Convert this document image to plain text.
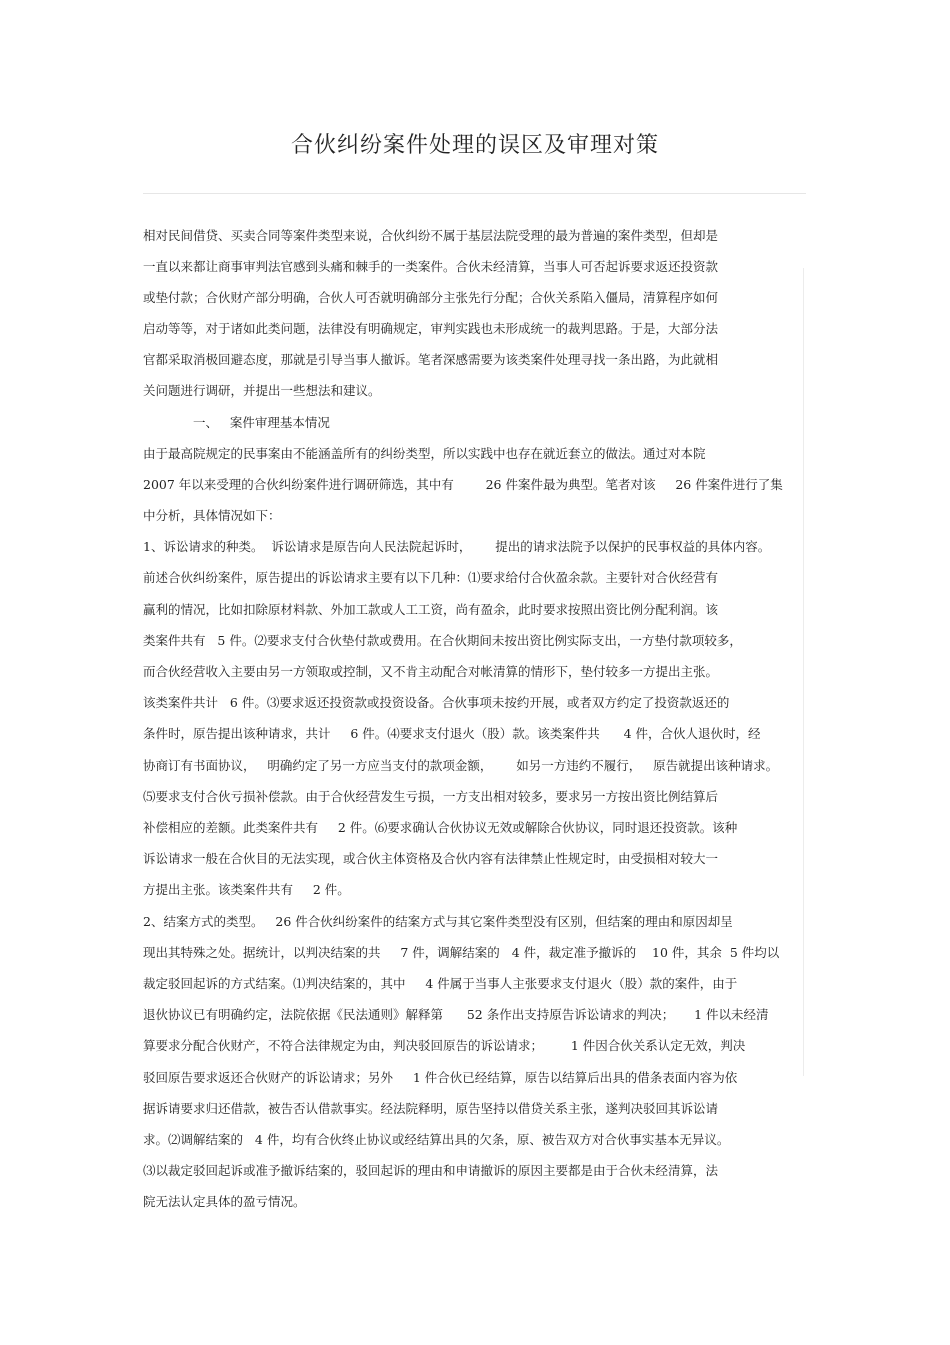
合伙纠纷案件处理的误区及审理对策
相对民间借贷、买卖合同等案件类型来说，合伙纠纷不属于基层法院受理的最为普遍的案件类型，但却是
一直以来都让商事审判法官感到头痛和棘手的一类案件。合伙未经清算，当事人可否起诉要求返还投资款
或垫付款；合伙财产部分明确，合伙人可否就明确部分主张先行分配；合伙关系陷入僵局，清算程序如何
启动等等，对于诸如此类问题，法律没有明确规定，审判实践也未形成统一的裁判思路。于是，大部分法
官都采取消极回避态度，那就是引导当事人撤诉。笔者深感需要为该类案件处理寻找一条出路，为此就相
关问题进行调研，并提出一些想法和建议。
一、   案件审理基本情况
由于最高院规定的民事案由不能涵盖所有的纠纷类型，所以实践中也存在就近套立的做法。通过对本院
2007 年以来受理的合伙纠纷案件进行调研筛选，其中有        26 件案件最为典型。笔者对该     26 件案件进行了集
中分析，具体情况如下：
1、诉讼请求的种类。  诉讼请求是原告向人民法院起诉时，      提出的请求法院予以保护的民事权益的具体内容。
前述合伙纠纷案件，原告提出的诉讼请求主要有以下几种：⑴要求给付合伙盈余款。主要针对合伙经营有
赢利的情况，比如扣除原材料款、外加工款或人工工资，尚有盈余，此时要求按照出资比例分配利润。该
类案件共有   5 件。⑵要求支付合伙垫付款或费用。在合伙期间未按出资比例实际支出，一方垫付款项较多，
而合伙经营收入主要由另一方领取或控制，又不肯主动配合对帐清算的情形下，垫付较多一方提出主张。
该类案件共计   6 件。⑶要求返还投资款或投资设备。合伙事项未按约开展，或者双方约定了投资款返还的
条件时，原告提出该种请求，共计     6 件。⑷要求支付退火（股）款。该类案件共      4 件，合伙人退伙时，经
协商订有书面协议，   明确约定了另一方应当支付的款项金额，      如另一方违约不履行，   原告就提出该种请求。
⑸要求支付合伙亏损补偿款。由于合伙经营发生亏损，一方支出相对较多，要求另一方按出资比例结算后
补偿相应的差额。此类案件共有     2 件。⑹要求确认合伙协议无效或解除合伙协议，同时退还投资款。该种
诉讼请求一般在合伙目的无法实现，或合伙主体资格及合伙内容有法律禁止性规定时，由受损相对较大一
方提出主张。该类案件共有     2 件。
2、结案方式的类型。   26 件合伙纠纷案件的结案方式与其它案件类型没有区别，但结案的理由和原因却呈
现出其特殊之处。据统计，以判决结案的共     7 件，调解结案的   4 件，裁定准予撤诉的    10 件，其余  5 件均以
裁定驳回起诉的方式结案。⑴判决结案的，其中     4 件属于当事人主张要求支付退火（股）款的案件，由于
退伙协议已有明确约定，法院依据《民法通则》解释第      52 条作出支持原告诉讼请求的判决；     1 件以未经清
算要求分配合伙财产，不符合法律规定为由，判决驳回原告的诉讼请求；       1 件因合伙关系认定无效，判决
驳回原告要求返还合伙财产的诉讼请求；另外     1 件合伙已经结算，原告以结算后出具的借条表面内容为依
据诉请要求归还借款，被告否认借款事实。经法院释明，原告坚持以借贷关系主张，遂判决驳回其诉讼请
求。⑵调解结案的   4 件，均有合伙终止协议或经结算出具的欠条，原、被告双方对合伙事实基本无异议。
⑶以裁定驳回起诉或准予撤诉结案的，驳回起诉的理由和申请撤诉的原因主要都是由于合伙未经清算，法
院无法认定具体的盈亏情况。
